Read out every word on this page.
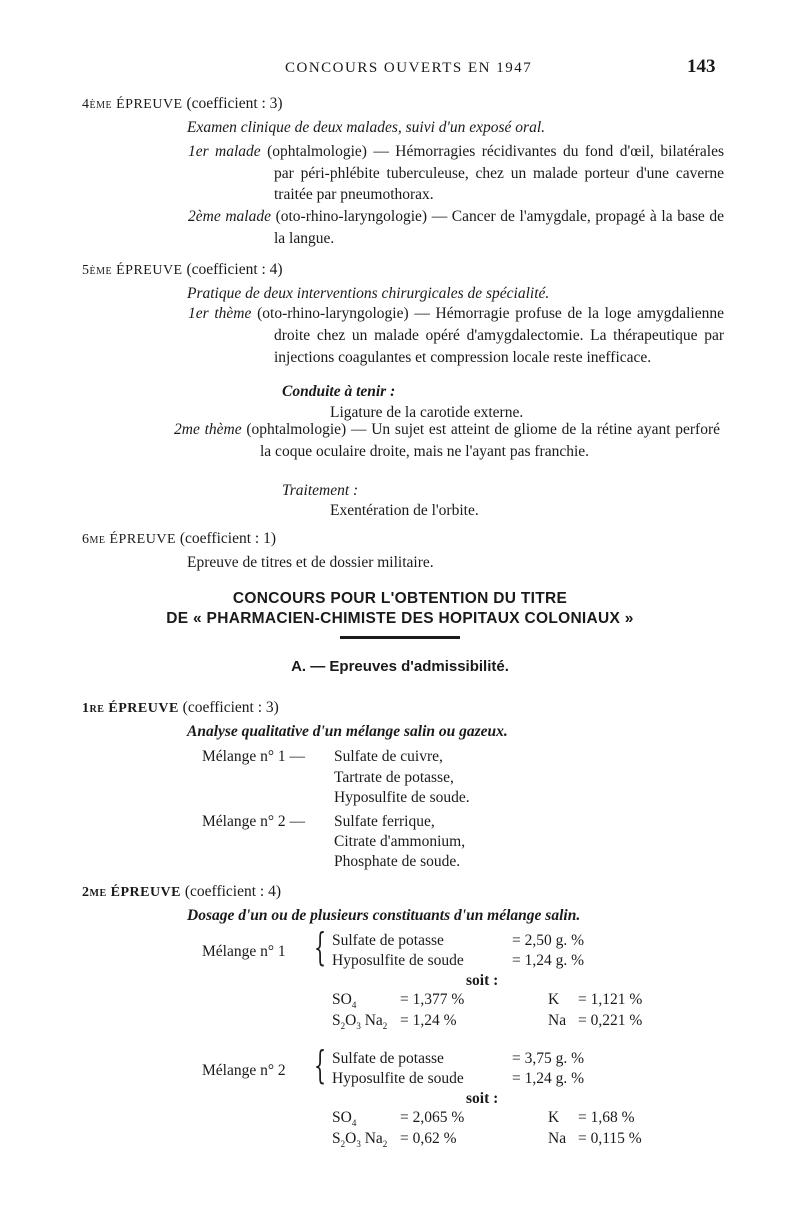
CONCOURS OUVERTS EN 1947	143
4ème ÉPREUVE (coefficient : 3)
Examen clinique de deux malades, suivi d'un exposé oral.
1er malade (ophtalmologie) — Hémorragies récidivantes du fond d'œil, bilatérales par péri-phlébite tuberculeuse, chez un malade porteur d'une caverne traitée par pneumothorax.
2ème malade (oto-rhino-laryngologie) — Cancer de l'amygdale, propagé à la base de la langue.
5ème ÉPREUVE (coefficient : 4)
Pratique de deux interventions chirurgicales de spécialité.
1er thème (oto-rhino-laryngologie) — Hémorragie profuse de la loge amygdalienne droite chez un malade opéré d'amygdalectomie. La thérapeutique par injections coagulantes et compression locale reste inefficace.
Conduite à tenir :
Ligature de la carotide externe.
2me thème (ophtalmologie) — Un sujet est atteint de gliome de la rétine ayant perforé la coque oculaire droite, mais ne l'ayant pas franchie.
Traitement :
Exentération de l'orbite.
6me ÉPREUVE (coefficient : 1)
Epreuve de titres et de dossier militaire.
CONCOURS POUR L'OBTENTION DU TITRE
DE « PHARMACIEN-CHIMISTE DES HOPITAUX COLONIAUX »
A. — Epreuves d'admissibilité.
1re ÉPREUVE (coefficient : 3)
Analyse qualitative d'un mélange salin ou gazeux.
Mélange n° 1 — Sulfate de cuivre,
Tartrate de potasse,
Hyposulfite de soude.
Mélange n° 2 — Sulfate ferrique,
Citrate d'ammonium,
Phosphate de soude.
2me ÉPREUVE (coefficient : 4)
Dosage d'un ou de plusieurs constituants d'un mélange salin.
Mélange n° 1 { Sulfate de potasse	= 2,50 g. %
Hyposulfite de soude	= 1,24 g. %
soit :
$SO_4$	= 1,377 %	K = 1,121 %
$S_2O_3$ $Na_2 = 1,24$ %	Na = 0,221 %
Mélange n° 2 { Sulfate de potasse	= 3,75 g. %
Hyposulfite de soude	= 1,24 g. %
soit :
$SO_4$	= 2,065 %	K = 1,68 %
$S_2O_3$ $Na_2 = 0,62$ %	Na = 0,115 %
